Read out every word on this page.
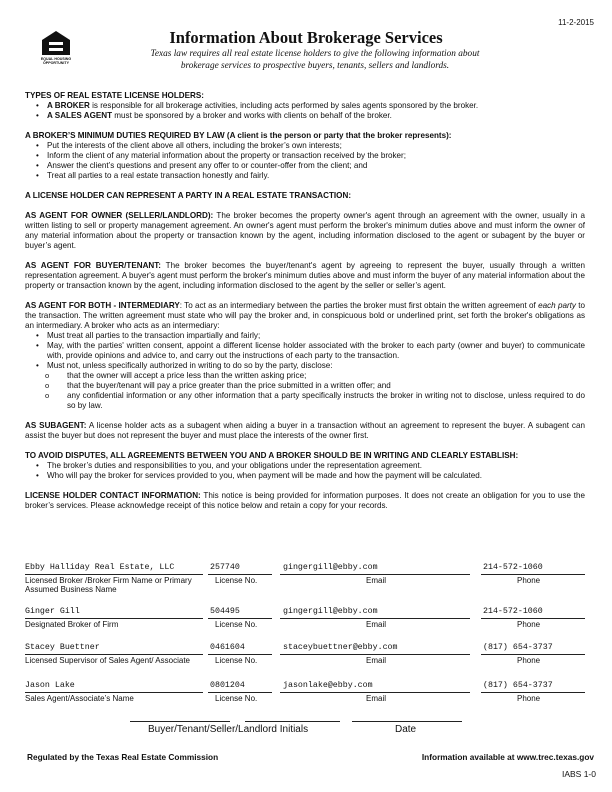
11-2-2015
EQUAL HOUSING
OPPORTUNITY
Information About Brokerage Services
Texas law requires all real estate license holders to give the following information about
brokerage services to prospective buyers, tenants, sellers and landlords.
TYPES OF REAL ESTATE LICENSE HOLDERS:
• A BROKER is responsible for all brokerage activities, including acts performed by sales agents sponsored by the broker.
• A SALES AGENT must be sponsored by a broker and works with clients on behalf of the broker.
A BROKER’S MINIMUM DUTIES REQUIRED BY LAW (A client is the person or party that the broker represents):
• Put the interests of the client above all others, including the broker’s own interests;
• Inform the client of any material information about the property or transaction received by the broker;
• Answer the client’s questions and present any offer to or counter-offer from the client; and
• Treat all parties to a real estate transaction honestly and fairly.
A LICENSE HOLDER CAN REPRESENT A PARTY IN A REAL ESTATE TRANSACTION:

AS AGENT FOR OWNER (SELLER/LANDLORD): The broker becomes the property owner's agent through an agreement with the owner, usually in a written listing to sell or property management agreement. An owner's agent must perform the broker's minimum duties above and must inform the owner of any material information about the property or transaction known by the agent, including information disclosed to the agent or subagent by the buyer or buyer’s agent.

AS AGENT FOR BUYER/TENANT: The broker becomes the buyer/tenant's agent by agreeing to represent the buyer, usually through a written representation agreement. A buyer's agent must perform the broker's minimum duties above and must inform the buyer of any material information about the property or transaction known by the agent, including information disclosed to the agent by the seller or seller’s agent.

AS AGENT FOR BOTH - INTERMEDIARY: To act as an intermediary between the parties the broker must first obtain the written agreement of each party to the transaction. The written agreement must state who will pay the broker and, in conspicuous bold or underlined print, set forth the broker's obligations as an intermediary. A broker who acts as an intermediary:

• Must treat all parties to the transaction impartially and fairly;
• May, with the parties' written consent, appoint a different license holder associated with the broker to each party (owner and buyer) to communicate with, provide opinions and advice to, and carry out the instructions of each party to the transaction.
• Must not, unless specifically authorized in writing to do so by the party, disclose:
o that the owner will accept a price less than the written asking price;
o that the buyer/tenant will pay a price greater than the price submitted in a written offer; and
o any confidential information or any other information that a party specifically instructs the broker in writing not to disclose, unless required to do so by law.

AS SUBAGENT: A license holder acts as a subagent when aiding a buyer in a transaction without an agreement to represent the buyer. A subagent can assist the buyer but does not represent the buyer and must place the interests of the owner first.

TO AVOID DISPUTES, ALL AGREEMENTS BETWEEN YOU AND A BROKER SHOULD BE IN WRITING AND CLEARLY ESTABLISH:
• The broker’s duties and responsibilities to you, and your obligations under the representation agreement.
• Who will pay the broker for services provided to you, when payment will be made and how the payment will be calculated.

LICENSE HOLDER CONTACT INFORMATION: This notice is being provided for information purposes. It does not create an obligation for you to use the broker’s services. Please acknowledge receipt of this notice below and retain a copy for your records.

Ebby Halliday Real Estate, LLC	257740	gingergill@ebby.com	214-572-1060
Licensed Broker /Broker Firm Name or Primary Assumed Business Name
License No.	Email	Phone
Ginger Gill	504495	gingergill@ebby.com	214-572-1060
Designated Broker of Firm	License No.	Email	Phone
Stacey Buettner	0461604	staceybuettner@ebby.com	(817) 654-3737
Licensed Supervisor of Sales Agent/ Associate	License No.	Email	Phone
Jason Lake	0801204	jasonlake@ebby.com	(817) 654-3737
Sales Agent/Associate’s Name	License No.	Email	Phone
Buyer/Tenant/Seller/Landlord Initials	Date
Regulated by the Texas Real Estate Commission	Information available at www.trec.texas.gov
IABS 1-0
